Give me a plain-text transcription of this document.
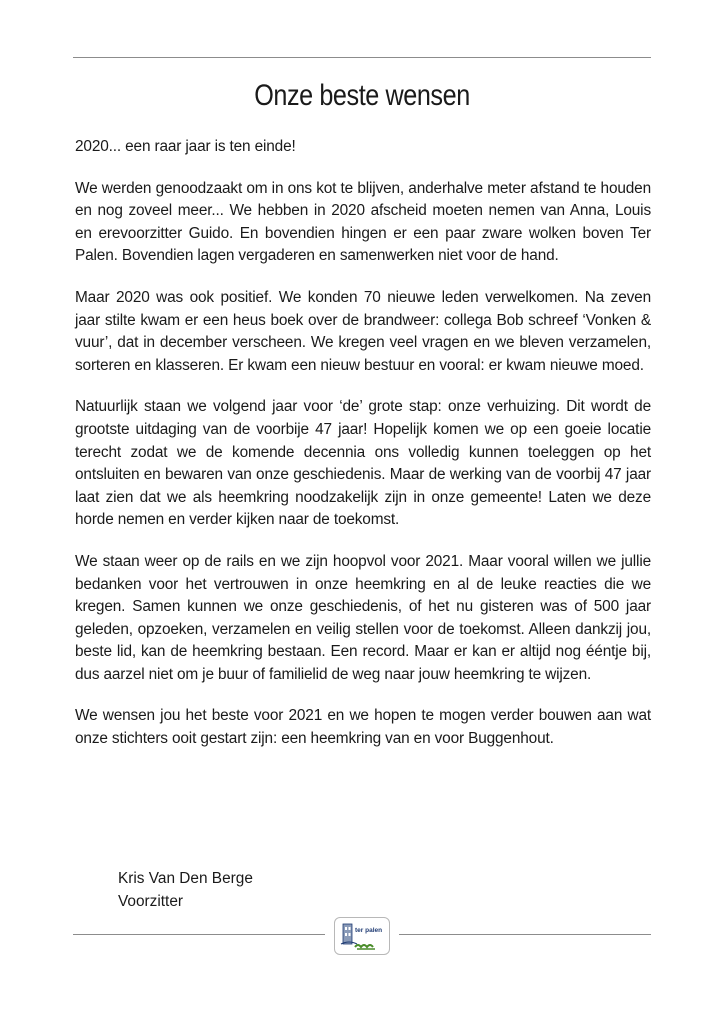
Onze beste wensen

2020... een raar jaar is ten einde!

We werden genoodzaakt om in ons kot te blijven, anderhalve meter afstand te houden en nog zoveel meer... We hebben in 2020 afscheid moeten nemen van Anna, Louis en erevoorzitter Guido. En bovendien hingen er een paar zware wolken boven Ter Palen. Bovendien lagen vergaderen en samenwerken niet voor de hand.

Maar 2020 was ook positief. We konden 70 nieuwe leden verwelkomen. Na zeven jaar stilte kwam er een heus boek over de brandweer: collega Bob schreef ‘Vonken & vuur’, dat in december verscheen. We kregen veel vragen en we bleven verzamelen, sorteren en klasseren. Er kwam een nieuw bestuur en vooral: er kwam nieuwe moed.

Natuurlijk staan we volgend jaar voor ‘de’ grote stap: onze verhuizing. Dit wordt de grootste uitdaging van de voorbije 47 jaar! Hopelijk komen we op een goeie locatie terecht zodat we de komende decennia ons volledig kunnen toeleggen op het ontsluiten en bewaren van onze geschiedenis. Maar de werking van de voorbij 47 jaar laat zien dat we als heemkring noodzakelijk zijn in onze gemeente! Laten we deze horde nemen en verder kijken naar de toekomst.

We staan weer op de rails en we zijn hoopvol voor 2021. Maar vooral willen we jullie bedanken voor het vertrouwen in onze heemkring en al de leuke reacties die we kregen. Samen kunnen we onze geschiedenis, of het nu gisteren was of 500 jaar geleden, opzoeken, verzamelen en veilig stellen voor de toekomst. Alleen dankzij jou, beste lid, kan de heemkring bestaan. Een record. Maar er kan er altijd nog ééntje bij, dus aarzel niet om je buur of familielid de weg naar jouw heemkring te wijzen.

We wensen jou het beste voor 2021 en we hopen te mogen verder bouwen aan wat onze stichters ooit gestart zijn: een heemkring van en voor Buggenhout.

Kris Van Den Berge
Voorzitter
ter palen
